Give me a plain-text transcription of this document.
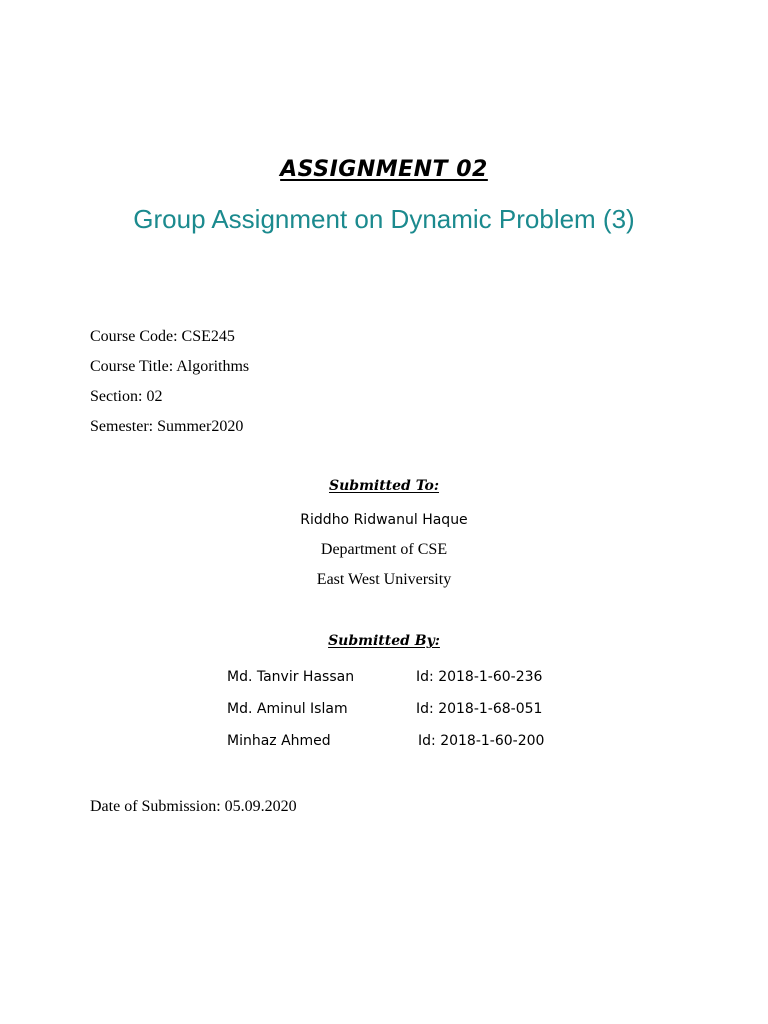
ASSIGNMENT 02
Group Assignment on Dynamic Problem (3)
Course Code: CSE245
Course Title: Algorithms
Section: 02
Semester: Summer2020
Submitted To:
Riddho Ridwanul Haque
Department of CSE
East West University
Submitted By:
Md. Tanvir Hassan	Id: 2018-1-60-236
Md. Aminul Islam	Id: 2018-1-68-051
Minhaz Ahmed	Id: 2018-1-60-200
Date of Submission: 05.09.2020
